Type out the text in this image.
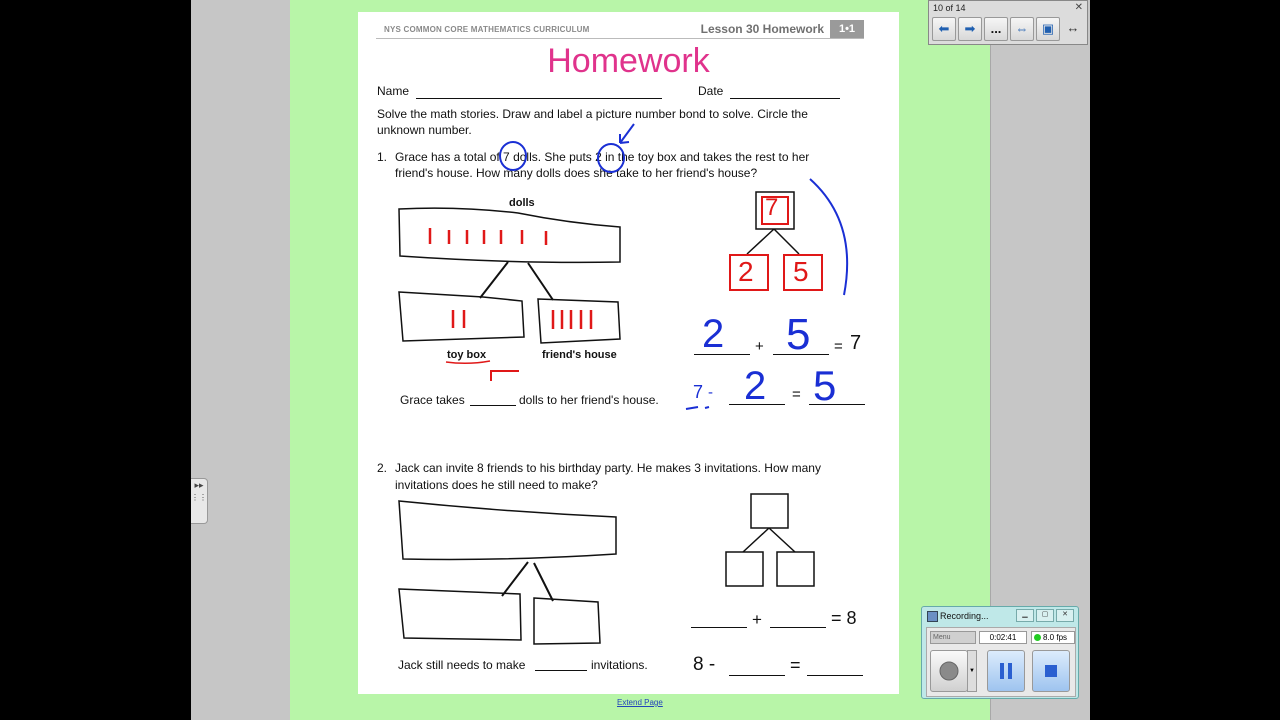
▸▸
⋮⋮
NYS COMMON CORE MATHEMATICS CURRICULUM	Lesson 30 Homework	1•1
Homework
Name	Date
Solve the math stories. Draw and label a picture number bond to solve. Circle the
unknown number.
1. Grace has a total of 7 dolls. She puts 2 in the toy box and takes the rest to her
friend's house. How many dolls does she take to her friend's house?
dolls
toy box	friend's house
Grace takes	dolls to her friend's house.
2. Jack can invite 8 friends to his birthday party. He makes 3 invitations. How many
invitations does he still need to make?
Jack still needs to make	invitations.
+	= 8
8 -	=
+	= 7
=
7
2 5
2 5
7 - 2 5
Extend Page
10 of 14	✕
⬅	➡	...	⇔	▣ ↔
Recording...	▁	▢	✕
Menu	0:02:41	8.0 fps
▼
